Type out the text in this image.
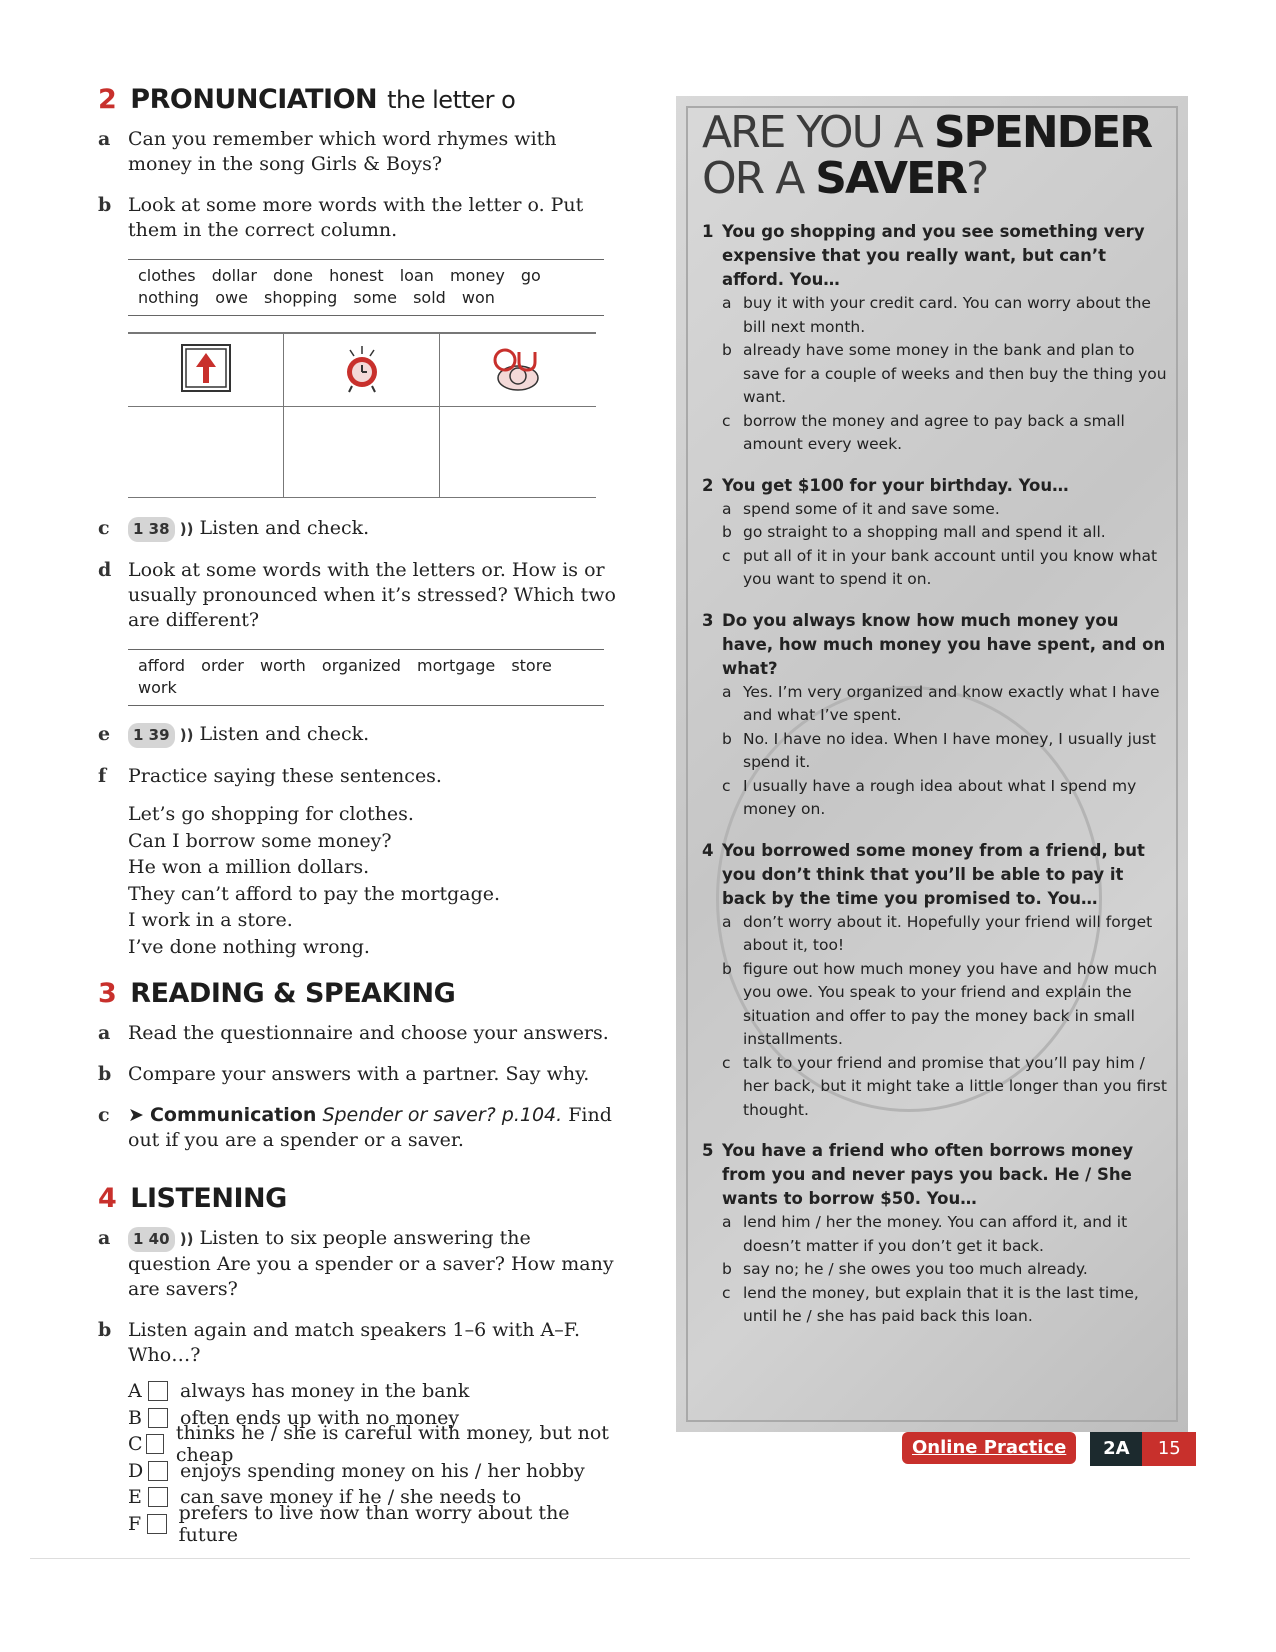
2 PRONUNCIATION the letter o
a Can you remember which word rhymes with money in the song Girls & Boys?
b Look at some more words with the letter o. Put them in the correct column.
clothes dollar done honest loan money go
nothing owe shopping some sold won

c	1 38 )) Listen and check.
d Look at some words with the letters or. How is or usually pronounced when it’s stressed? Which two are different?
afford order worth organized mortgage store work
e	1 39 )) Listen and check.
f	Practice saying these sentences.
Let’s go shopping for clothes.
Can I borrow some money?
He won a million dollars.
They can’t afford to pay the mortgage.
I work in a store.
I’ve done nothing wrong.
3 READING & SPEAKING
a Read the questionnaire and choose your answers.
b Compare your answers with a partner. Say why.
c ➤ Communication Spender or saver? p.104. Find out if you are a spender or a saver.
4 LISTENING
a	1 40 )) Listen to six people answering the question Are you a spender or a saver? How many are savers?
b Listen again and match speakers 1–6 with A–F. Who…?
A	always has money in the bank
B	often ends up with no money
C thinks he / she is careful with money, but not cheap
D enjoys spending money on his / her hobby
E	can save money if he / she needs to
F	prefers to live now than worry about the future
ARE YOU A SPENDER
OR A SAVER?
1 You go shopping and you see something very expensive that you really want, but can’t afford. You…
a buy it with your credit card. You can worry about the bill next month.
b already have some money in the bank and plan to save for a couple of weeks and then buy the thing you want.
c borrow the money and agree to pay back a small amount every week.
2 You get $100 for your birthday. You…
a spend some of it and save some.
b go straight to a shopping mall and spend it all.
c put all of it in your bank account until you know what you want to spend it on.
3 Do you always know how much money you have, how much money you have spent, and on what?
a Yes. I’m very organized and know exactly what I have and what I’ve spent.
b No. I have no idea. When I have money, I usually just spend it.
c I usually have a rough idea about what I spend my money on.
4 You borrowed some money from a friend, but you don’t think that you’ll be able to pay it back by the time you promised to. You…
a don’t worry about it. Hopefully your friend will forget about it, too!
b figure out how much money you have and how much you owe. You speak to your friend and explain the situation and offer to pay the money back in small installments.
c talk to your friend and promise that you’ll pay him / her back, but it might take a little longer than you first thought.
5 You have a friend who often borrows money from you and never pays you back. He / She wants to borrow $50. You…
a lend him / her the money. You can afford it, and it doesn’t matter if you don’t get it back.
b say no; he / she owes you too much already.
c lend the money, but explain that it is the last time, until he / she has paid back this loan.
Online Practice	2A	15
